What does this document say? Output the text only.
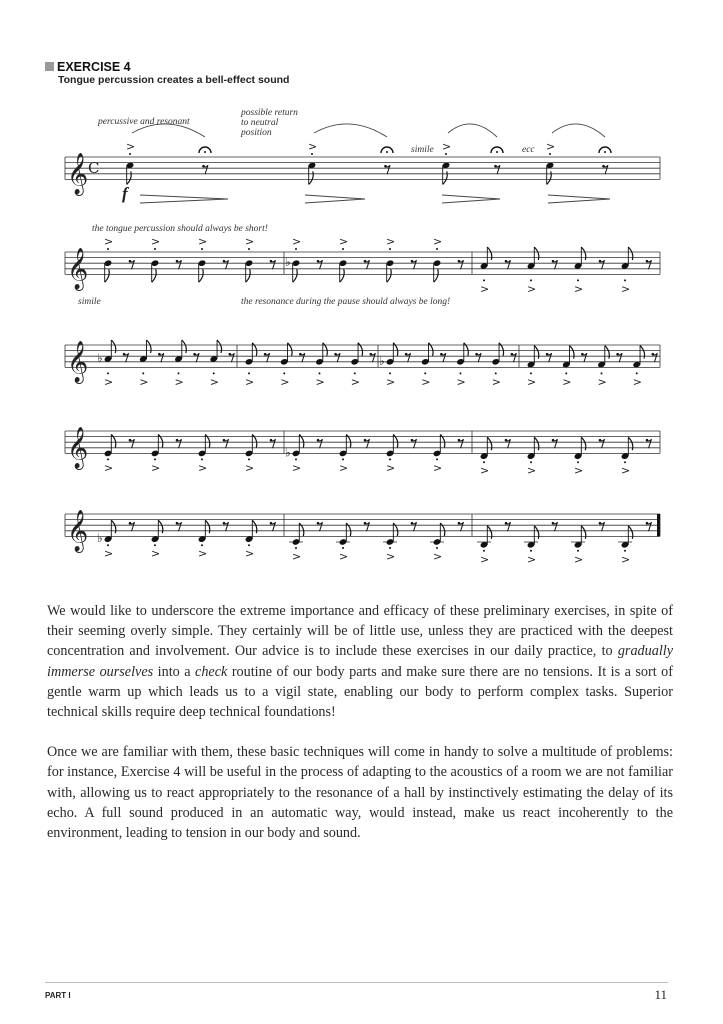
EXERCISE 4
Tongue percussion creates a bell-effect sound
𝄞 C
>	>	>	>
𝄞
>	>	>	>
♭
>	>	>	>
>	>	>	>
𝄞 ♭
> > > > > > > >
♭
> > > > > > > >
𝄞 >	>	>	>
♭
>	>	>	>	>	>	>	>
𝄞 ♭
>	>	>	>	>	>	>	>	>	>	>	>
percussive and resonant
possible return
to neutral
position
simile	ecc
f
the tongue percussion should always be short!
simile	the resonance during the pause should always be long!

We would like to underscore the extreme importance and efficacy of these preliminary exercises, in spite of their seeming overly simple. They certainly will be of little use, unless they are practiced with the deepest concentration and involvement. Our advice is to include these exercises in our daily practice, to gradually immerse ourselves into a check routine of our body parts and make sure there are no tensions. It is a sort of gentle warm up which leads us to a vigil state, enabling our body to perform complex tasks. Superior technical skills require deep technical foundations!

Once we are familiar with them, these basic techniques will come in handy to solve a multitude of problems: for instance, Exercise 4 will be useful in the process of adapting to the acoustics of a room we are not familiar with, allowing us to react appropriately to the resonance of a hall by instinctively estimating the delay of its echo. A full sound produced in an automatic way, would instead, make us react incoherently to the environment, leading to tension in our body and sound.

PART I	11
